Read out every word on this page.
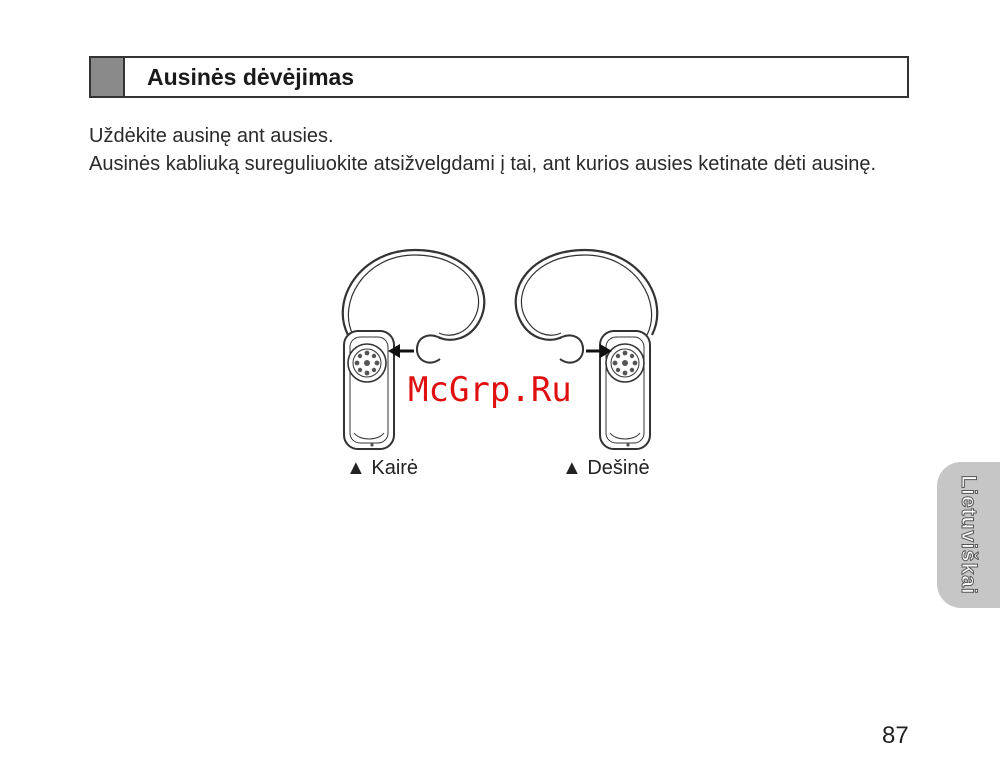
Ausinės dėvėjimas

Uždėkite ausinę ant ausies.

Ausinės kabliuką sureguliuokite atsižvelgdami į tai, ant kurios ausies ketinate dėti ausinę.

▲ Kairė	▲ Dešinė
McGrp.Ru
Lietuviškai
87
